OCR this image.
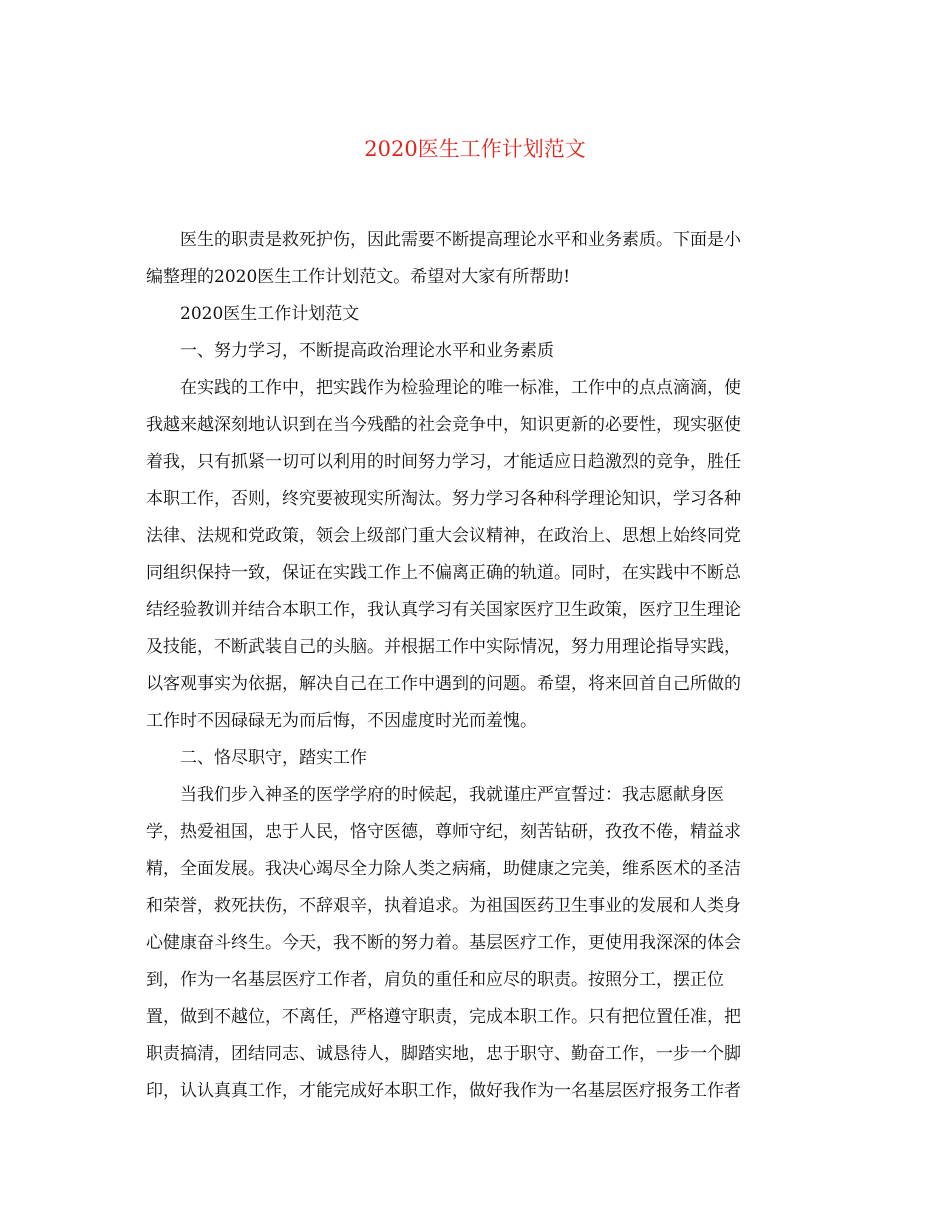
2020医生工作计划范文
医生的职责是救死护伤，因此需要不断提高理论水平和业务素质。下面是小
编整理的2020医生工作计划范文。希望对大家有所帮助!
2020医生工作计划范文
一、努力学习，不断提高政治理论水平和业务素质
在实践的工作中，把实践作为检验理论的唯一标准，工作中的点点滴滴，使
我越来越深刻地认识到在当今残酷的社会竞争中，知识更新的必要性，现实驱使
着我，只有抓紧一切可以利用的时间努力学习，才能适应日趋激烈的竞争，胜任
本职工作，否则，终究要被现实所淘汰。努力学习各种科学理论知识，学习各种
法律、法规和党政策，领会上级部门重大会议精神，在政治上、思想上始终同党
同组织保持一致，保证在实践工作上不偏离正确的轨道。同时，在实践中不断总
结经验教训并结合本职工作，我认真学习有关国家医疗卫生政策，医疗卫生理论
及技能，不断武装自己的头脑。并根据工作中实际情况，努力用理论指导实践，
以客观事实为依据，解决自己在工作中遇到的问题。希望，将来回首自己所做的
工作时不因碌碌无为而后悔，不因虚度时光而羞愧。
二、恪尽职守，踏实工作
当我们步入神圣的医学学府的时候起，我就谨庄严宣誓过：我志愿献身医
学，热爱祖国，忠于人民，恪守医德，尊师守纪，刻苦钻研，孜孜不倦，精益求
精，全面发展。我决心竭尽全力除人类之病痛，助健康之完美，维系医术的圣洁
和荣誉，救死扶伤，不辞艰辛，执着追求。为祖国医药卫生事业的发展和人类身
心健康奋斗终生。今天，我不断的努力着。基层医疗工作，更使用我深深的体会
到，作为一名基层医疗工作者，肩负的重任和应尽的职责。按照分工，摆正位
置，做到不越位，不离任，严格遵守职责，完成本职工作。只有把位置任准，把
职责搞清，团结同志、诚恳待人，脚踏实地，忠于职守、勤奋工作，一步一个脚
印，认认真真工作，才能完成好本职工作，做好我作为一名基层医疗报务工作者
